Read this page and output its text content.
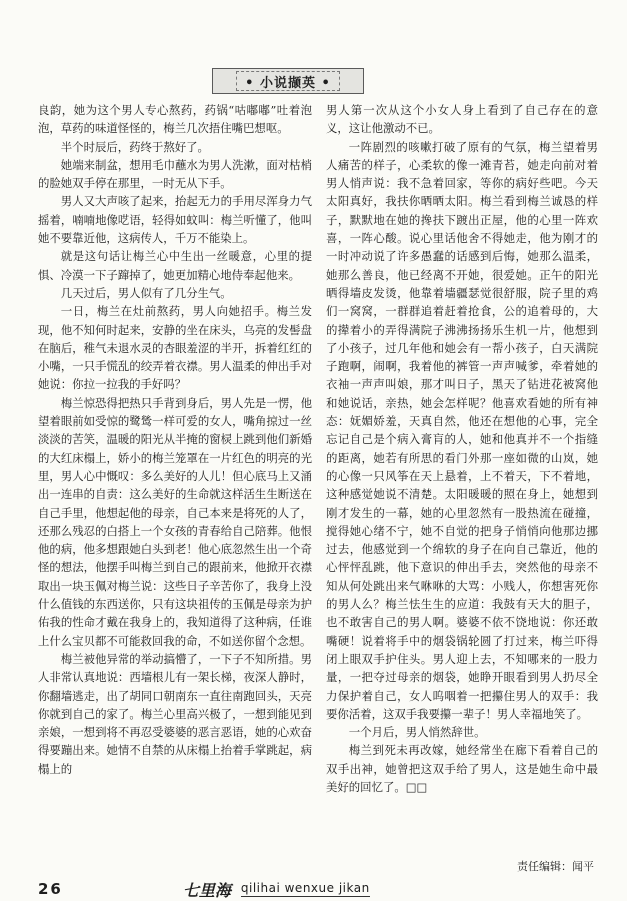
• 小说撷英 •

良韵，她为这个男人专心熬药，药锅“咕嘟嘟”吐着泡泡，草药的味道怪怪的，梅兰几次捂住嘴巴想呕。

半个时辰后，药终于熬好了。

她端来制盆，想用毛巾蘸水为男人洗漱，面对枯梢的脸她双手停在那里，一时无从下手。

男人又大声咳了起来，抬起无力的手用尽浑身力气摇着，喃喃地像呓语，轻得如蚊叫：梅兰听懂了，他叫她不要靠近他，这病传人，千万不能染上。

就是这句话让梅兰心中生出一丝暖意，心里的提惧、冷漠一下子蹿掉了，她更加精心地侍奉起他来。

几天过后，男人似有了几分生气。

一日，梅兰在灶前熬药，男人向她招手。梅兰发现，他不知何时起来，安静的坐在床头，乌亮的发髻盘在脑后，稚气未退水灵的杏眼羞涩的半开，拆着红红的小嘴，一只手慌乱的绞弄着衣襟。男人温柔的伸出手对她说：你拉一拉我的手好吗？

梅兰惊恐得把热只手背到身后，男人先是一愣，他望着眼前如受惊的鹭鸶一样可爱的女人，嘴角掠过一丝淡淡的苦笑，温暖的阳光从半掩的窗棂上跳到他们新婚的大红床榻上，娇小的梅兰笼罩在一片红色的明亮的光里，男人心中慨叹：多么美好的人儿！但心底马上又涌出一连串的自责：这么美好的生命就这样活生生断送在自己手里，他想起他的母亲，自己本来是将死的人了，还那么残忍的白搭上一个女孩的青春给自己陪葬。他恨他的病，他多想跟她白头到老！他心底忽然生出一个奇怪的想法，他摆手叫梅兰到自己的跟前来，他掀开衣襟取出一块玉佩对梅兰说：这些日子辛苦你了，我身上没什么值钱的东西送你，只有这块祖传的玉佩是母亲为护佑我的性命才戴在我身上的，我知道得了这种病，任谁上什么宝贝都不可能救回我的命，不如送你留个念想。

梅兰被他异常的举动搞懵了，一下子不知所措。男人非常认真地说：西墙根儿有一架长梯，夜深人静时，你翻墙逃走，出了胡同口朝南东一直往南跑回头，天亮你就到自己的家了。梅兰心里高兴极了，一想到能见到亲娘，一想到将不再忍受婆婆的恶言恶语，她的心欢奋得要蹦出来。她情不自禁的从床榻上抬着手掌跳起，病榻上的

男人第一次从这个小女人身上看到了自己存在的意义，这让他激动不已。

一阵剧烈的咳嗽打破了原有的气氛，梅兰望着男人痛苦的样子，心柔软的像一滩青苔，她走向前对着男人悄声说：我不急着回家，等你的病好些吧。今天太阳真好，我扶你晒晒太阳。梅兰看到梅兰诚恳的样子，默默地在她的搀扶下踱出正屋，他的心里一阵欢喜，一阵心酸。说心里话他舍不得她走，他为刚才的一时冲动说了许多愚蠢的话感到后悔，她那么温柔，她那么善良，他已经离不开她，很爱她。正午的阳光晒得墙皮发烫，他靠着墙疆瑟觉很舒服，院子里的鸡们一窝窝，一群群追着赶着抢食，公的追着母的，大的撵着小的弄得满院子沸沸扬扬乐生机一片，他想到了小孩子，过几年他和她会有一帮小孩子，白天满院子跑啊，闹啊，我着他的裤管一声声喊爹，牵着她的衣袖一声声叫娘，那才叫日子，黑天了钻进花被窝他和她说话，亲热，她会怎样呢？他喜欢看她的所有神态：妩媚娇羞，天真自然，他还在想他的心事，完全忘记自己是个病入膏肓的人，她和他真并不一个指缝的距离，她若有所思的看门外那一座如微的山岚，她的心像一只风筝在天上悬着，上不着天，下不着地，这种感觉她说不清楚。太阳暖暖的照在身上，她想到刚才发生的一幕，她的心里忽然有一股热流在碰撞，搅得她心绪不宁，她不自觉的把身子悄悄向他那边挪过去，他感觉到一个绵软的身子在向自己靠近，他的心怦怦乱跳，他下意识的伸出手去，突然他的母亲不知从何处跳出来气咻咻的大骂：小贱人，你想害死你的男人么？梅兰怯生生的应道：我鼓有天大的胆子，也不敢害自己的男人啊。婆婆不依不饶地说：你还敢嘴硬！说着将手中的烟袋锅轮圆了打过来，梅兰吓得闭上眼双手护住头。男人迎上去，不知哪来的一股力量，一把夺过母亲的烟袋，她睁开眼看到男人扔尽全力保护着自己，女人呜咽着一把攥住男人的双手：我要你活着，这双手我要攥一辈子！男人幸福地笑了。

一个月后，男人悄然辞世。

梅兰到死未再改嫁，她经常坐在廊下看着自己的双手出神，她曾把这双手给了男人，这是她生命中最美好的回忆了。□□

责任编辑：闻平
26	七里海 qilihai wenxue jikan
